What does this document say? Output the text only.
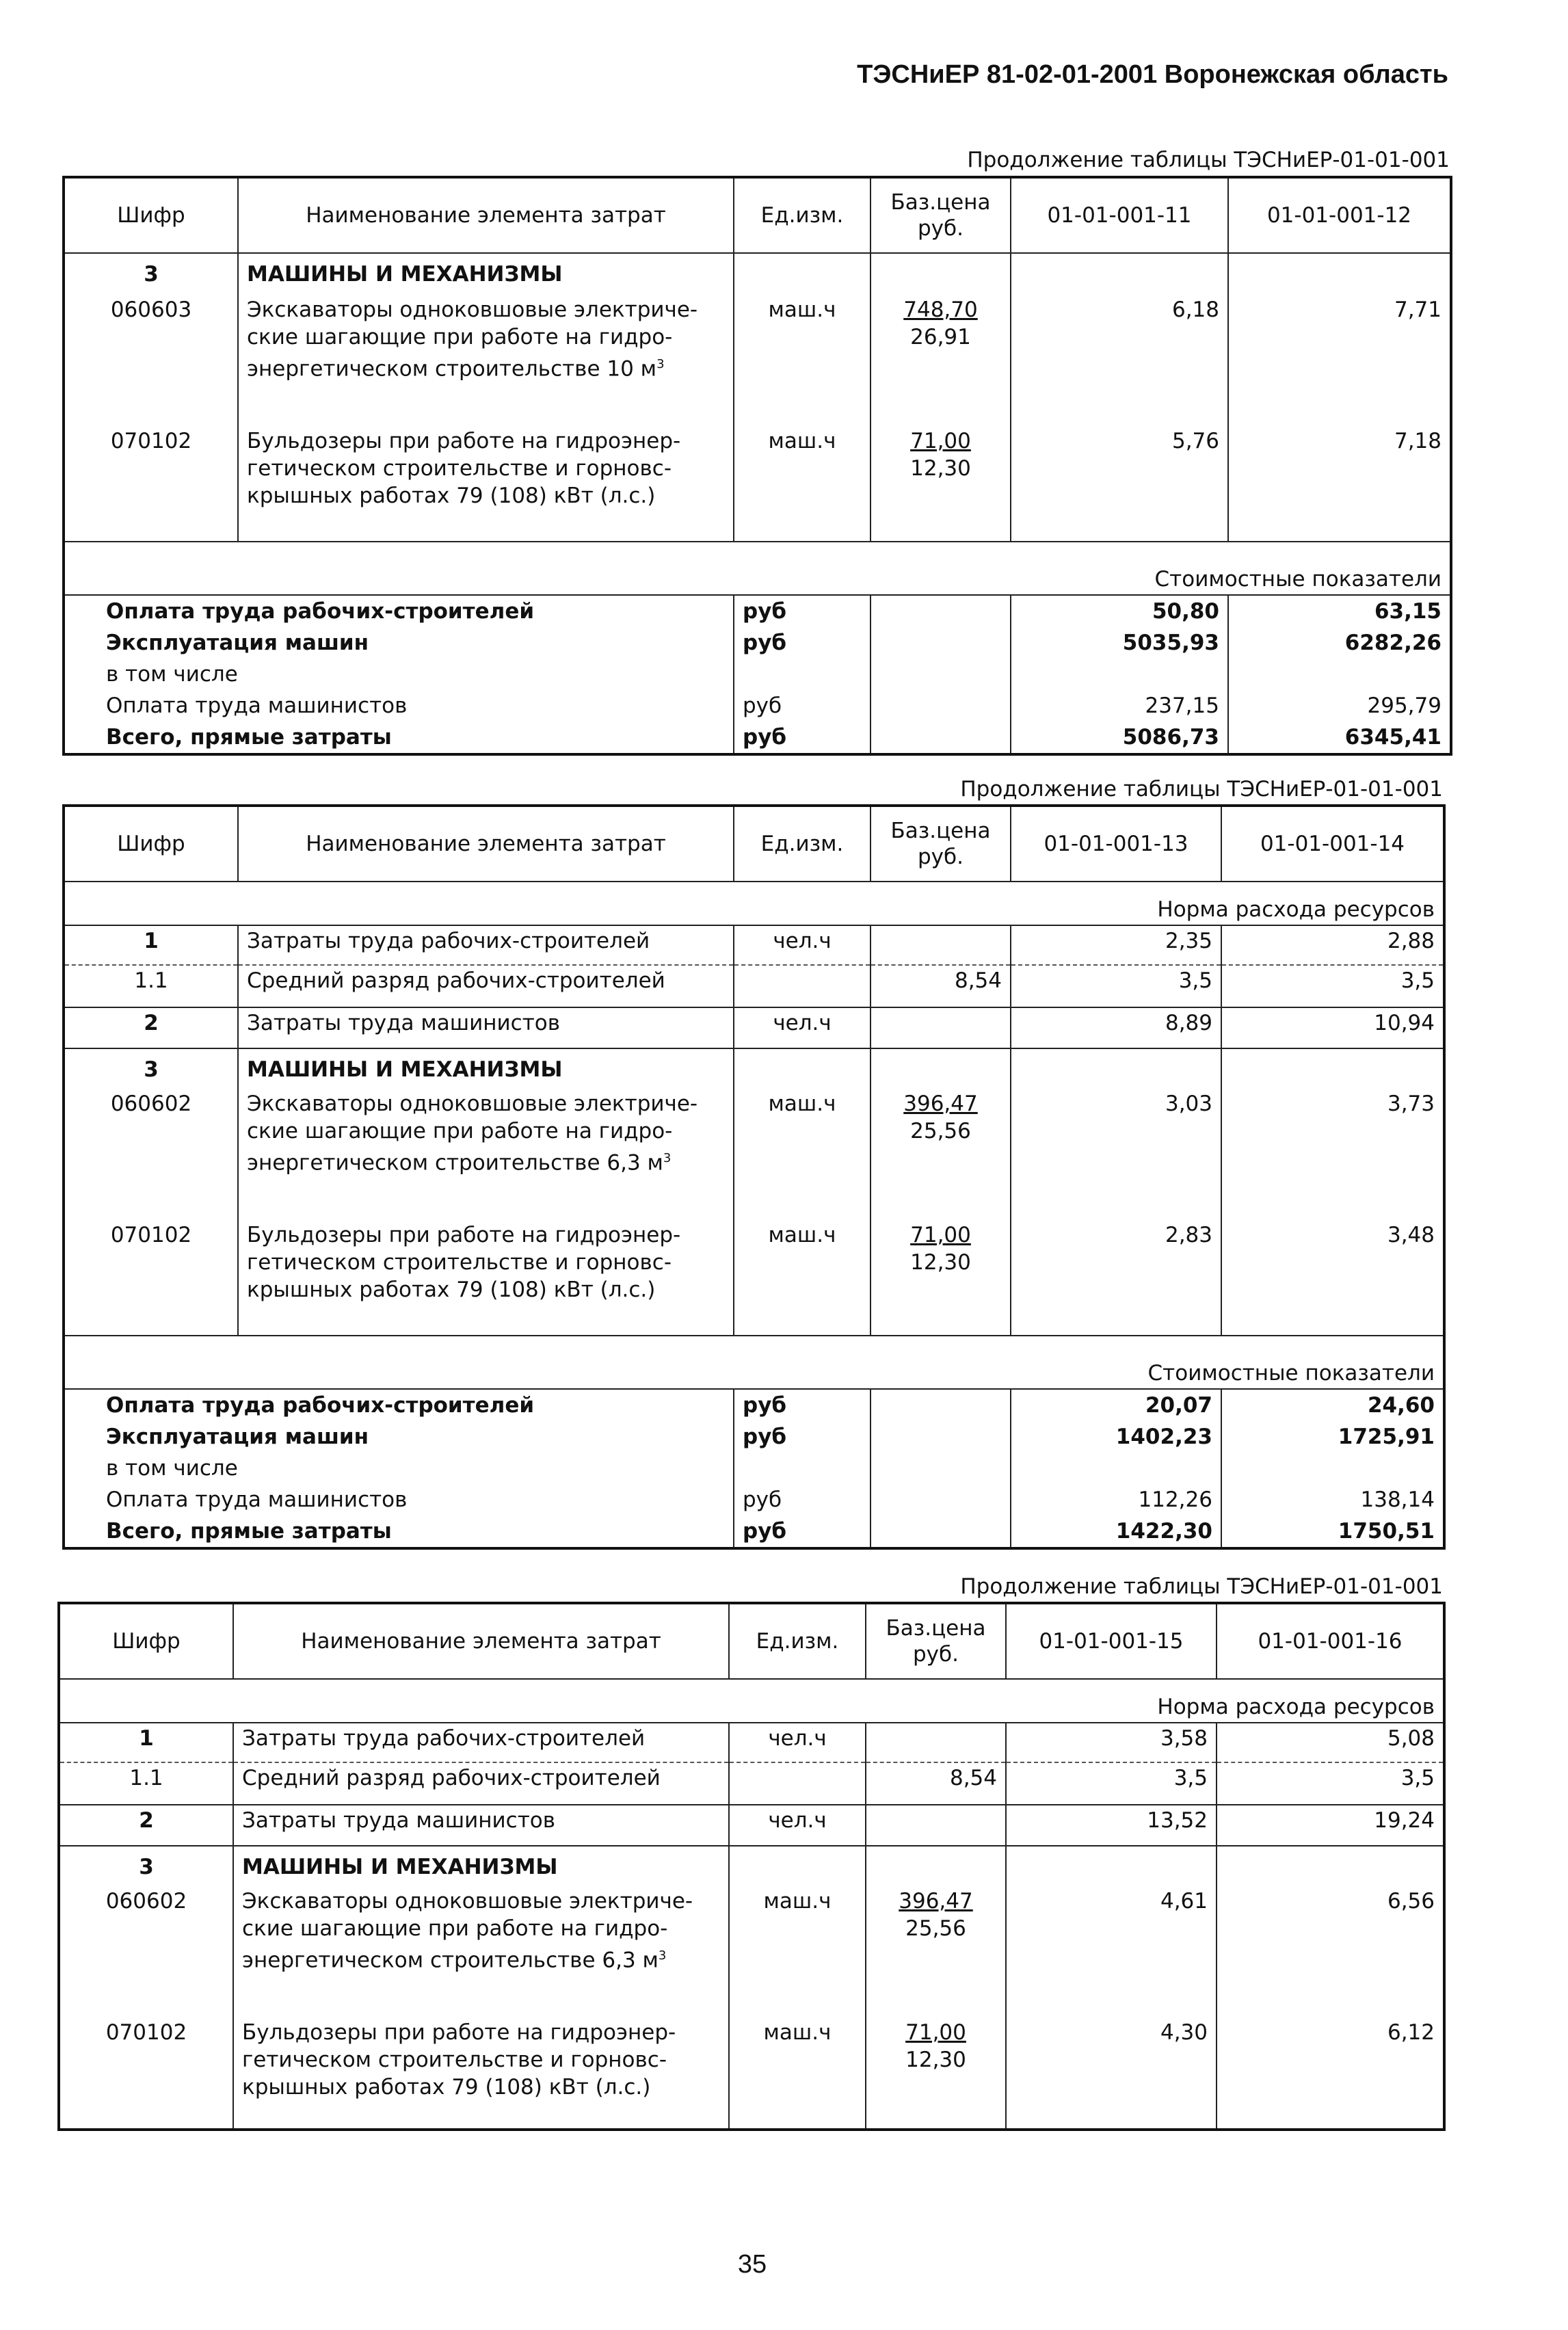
ТЭСНиЕР 81-02-01-2001 Воронежская область
Продолжение таблицы ТЭСНиЕР-01-01-001
Шифр	Наименование элемента затрат	Ед.изм.	Баз.цена
руб.	01-01-001-11	01-01-001-12
3	МАШИНЫ И МЕХАНИЗМЫ				
060603	Экскаваторы одноковшовые электриче-
ские шагающие при работе на гидро-
энергетическом строительстве 10 $м^3$	маш.ч	748,70
26,91	6,18	7,71
070102	Бульдозеры при работе на гидроэнер-
гетическом строительстве и горновс-
крышных работах 79 (108) кВт (л.с.)	маш.ч	71,00
12,30	5,76	7,18
Стоимостные показатели					
Оплата труда рабочих-строителей		руб		50,80	63,15
Эксплуатация машин		руб		5035,93	6282,26
в том числе					
Оплата труда машинистов		руб		237,15	295,79
Всего, прямые затраты		руб		5086,73	6345,41
Продолжение таблицы ТЭСНиЕР-01-01-001
Шифр	Наименование элемента затрат	Ед.изм.	Баз.цена
руб.	01-01-001-13	01-01-001-14
Норма расхода ресурсов					
1	Затраты труда рабочих-строителей	чел.ч		2,35	2,88
1.1	Средний разряд рабочих-строителей		8,54	3,5	3,5
2	Затраты труда машинистов	чел.ч		8,89	10,94
3	МАШИНЫ И МЕХАНИЗМЫ				
060602	Экскаваторы одноковшовые электриче-
ские шагающие при работе на гидро-
энергетическом строительстве 6,3 $м^3$	маш.ч	396,47
25,56	3,03	3,73
070102	Бульдозеры при работе на гидроэнер-
гетическом строительстве и горновс-
крышных работах 79 (108) кВт (л.с.)	маш.ч	71,00
12,30	2,83	3,48
Стоимостные показатели					
Оплата труда рабочих-строителей		руб		20,07	24,60
Эксплуатация машин		руб		1402,23	1725,91
в том числе					
Оплата труда машинистов		руб		112,26	138,14
Всего, прямые затраты		руб		1422,30	1750,51
Продолжение таблицы ТЭСНиЕР-01-01-001
Шифр	Наименование элемента затрат	Ед.изм.	Баз.цена
руб.	01-01-001-15	01-01-001-16
Норма расхода ресурсов					
1	Затраты труда рабочих-строителей	чел.ч		3,58	5,08
1.1	Средний разряд рабочих-строителей		8,54	3,5	3,5
2	Затраты труда машинистов	чел.ч		13,52	19,24
3	МАШИНЫ И МЕХАНИЗМЫ				
060602	Экскаваторы одноковшовые электриче-
ские шагающие при работе на гидро-
энергетическом строительстве 6,3 $м^3$	маш.ч	396,47
25,56	4,61	6,56
070102	Бульдозеры при работе на гидроэнер-
гетическом строительстве и горновс-
крышных работах 79 (108) кВт (л.с.)	маш.ч	71,00
12,30	4,30	6,12
35
